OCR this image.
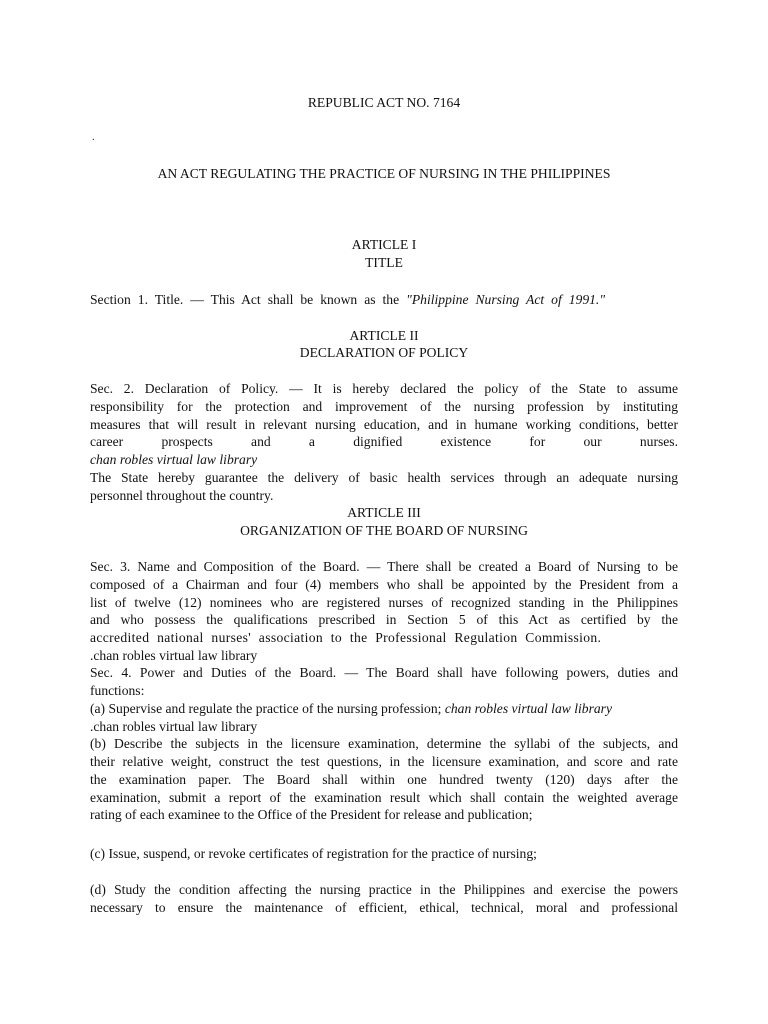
REPUBLIC ACT NO. 7164
.
AN ACT REGULATING THE PRACTICE OF NURSING IN THE PHILIPPINES
ARTICLE I
TITLE
Section 1. Title. — This Act shall be known as the "Philippine Nursing Act of 1991."
ARTICLE II
DECLARATION OF POLICY
Sec. 2. Declaration of Policy. — It is hereby declared the policy of the State to assume
responsibility for the protection and improvement of the nursing profession by instituting
measures that will result in relevant nursing education, and in humane working conditions, better
career prospects and a dignified existence for our nurses.
chan robles virtual law library
The State hereby guarantee the delivery of basic health services through an adequate nursing
personnel throughout the country.
ARTICLE III
ORGANIZATION OF THE BOARD OF NURSING
Sec. 3. Name and Composition of the Board. — There shall be created a Board of Nursing to be
composed of a Chairman and four (4) members who shall be appointed by the President from a
list of twelve (12) nominees who are registered nurses of recognized standing in the Philippines
and who possess the qualifications prescribed in Section 5 of this Act as certified by the
accredited national nurses' association to the Professional Regulation Commission.
.chan robles virtual law library
Sec. 4. Power and Duties of the Board. — The Board shall have following powers, duties and
functions:
(a) Supervise and regulate the practice of the nursing profession; chan robles virtual law library
.chan robles virtual law library
(b) Describe the subjects in the licensure examination, determine the syllabi of the subjects, and
their relative weight, construct the test questions, in the licensure examination, and score and rate
the examination paper. The Board shall within one hundred twenty (120) days after the
examination, submit a report of the examination result which shall contain the weighted average
rating of each examinee to the Office of the President for release and publication;
(c) Issue, suspend, or revoke certificates of registration for the practice of nursing;
(d) Study the condition affecting the nursing practice in the Philippines and exercise the powers
necessary to ensure the maintenance of efficient, ethical, technical, moral and professional
